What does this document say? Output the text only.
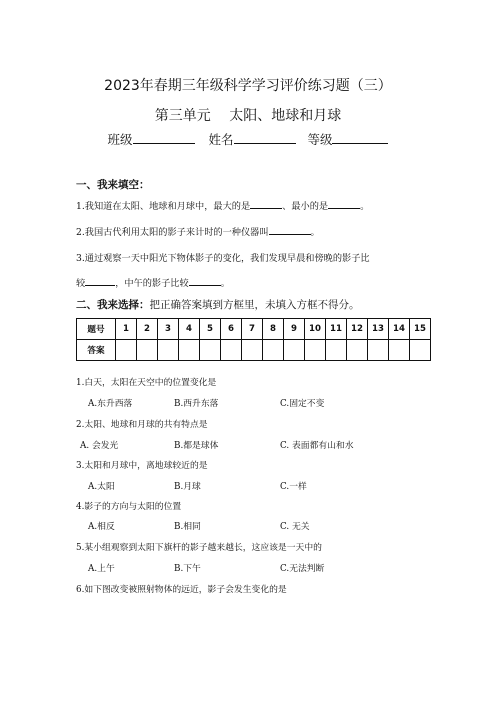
2023年春期三年级科学学习评价练习题（三）
第三单元 太阳、地球和月球
班级	姓名	等级
一、我来填空：
1.我知道在太阳、地球和月球中，最大的是	、最小的是	。
2.我国古代利用太阳的影子来计时的一种仪器叫	。
3.通过观察一天中阳光下物体影子的变化，我们发现早晨和傍晚的影子比
较	，中午的影子比较	。
二、我来选择：把正确答案填到方框里，未填入方框不得分。
题号	1	2	3	4	5	6	7	8	9	10	11	12	13	14	15
答案															
1.白天，太阳在天空中的位置变化是
A.东升西落	B.西升东落	C.固定不变
2.太阳、地球和月球的共有特点是
A. 会发光	B.都是球体	C. 表面都有山和水
3.太阳和月球中，离地球较近的是
A.太阳	B.月球	C.一样
4.影子的方向与太阳的位置
A.相反	B.相同	C. 无关
5.某小组观察到太阳下旗杆的影子越来越长，这应该是一天中的
A.上午	B.下午	C.无法判断
6.如下图改变被照射物体的远近，影子会发生变化的是
